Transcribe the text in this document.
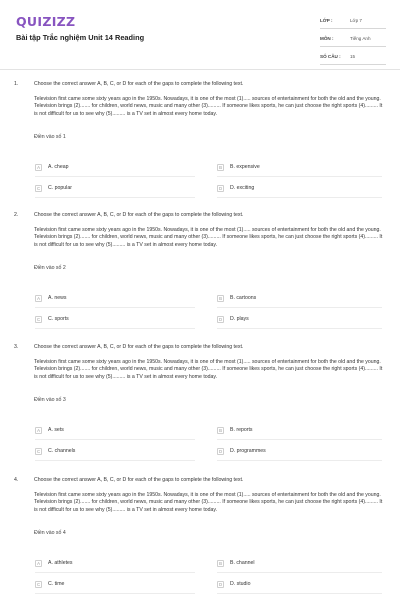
QUIZIZZ
Bài tập Trắc nghiệm Unit 14 Reading
LỚP :	Lớp 7
MÔN :	Tiếng Anh
SỐ CÂU :	15
1.	Choose the correct answer A, B, C, or D for each of the gaps to complete the following text.

Television first came some sixty years ago in the 1950s. Nowadays, it is one of the most (1)..... sources of entertainment for both the old and the young. Television brings (2)....... for children, world news, music and many other (3)......... If someone likes sports, he can just choose the right sports (4)......... It is not difficult for us to see why (5)......... is a TV set in almost every home today.

Điền vào số 1
A	A. cheap	B	B. expensive
C	C. popular	D	D. exciting
2.	Choose the correct answer A, B, C, or D for each of the gaps to complete the following text.

Television first came some sixty years ago in the 1950s. Nowadays, it is one of the most (1)..... sources of entertainment for both the old and the young. Television brings (2)....... for children, world news, music and many other (3)......... If someone likes sports, he can just choose the right sports (4)......... It is not difficult for us to see why (5)......... is a TV set in almost every home today.

Điền vào số 2
A	A. news	B	B. cartoons
C	C. sports	D	D. plays
3.	Choose the correct answer A, B, C, or D for each of the gaps to complete the following text.

Television first came some sixty years ago in the 1950s. Nowadays, it is one of the most (1)..... sources of entertainment for both the old and the young. Television brings (2)....... for children, world news, music and many other (3)......... If someone likes sports, he can just choose the right sports (4)......... It is not difficult for us to see why (5)......... is a TV set in almost every home today.

Điền vào số 3
A	A. sets	B	B. reports
C	C. channels	D	D. programmes
4.	Choose the correct answer A, B, C, or D for each of the gaps to complete the following text.

Television first came some sixty years ago in the 1950s. Nowadays, it is one of the most (1)..... sources of entertainment for both the old and the young. Television brings (2)....... for children, world news, music and many other (3)......... If someone likes sports, he can just choose the right sports (4)......... It is not difficult for us to see why (5)......... is a TV set in almost every home today.

Điền vào số 4
A	A. athletes	B	B. channel
C	C. time	D	D. studio
